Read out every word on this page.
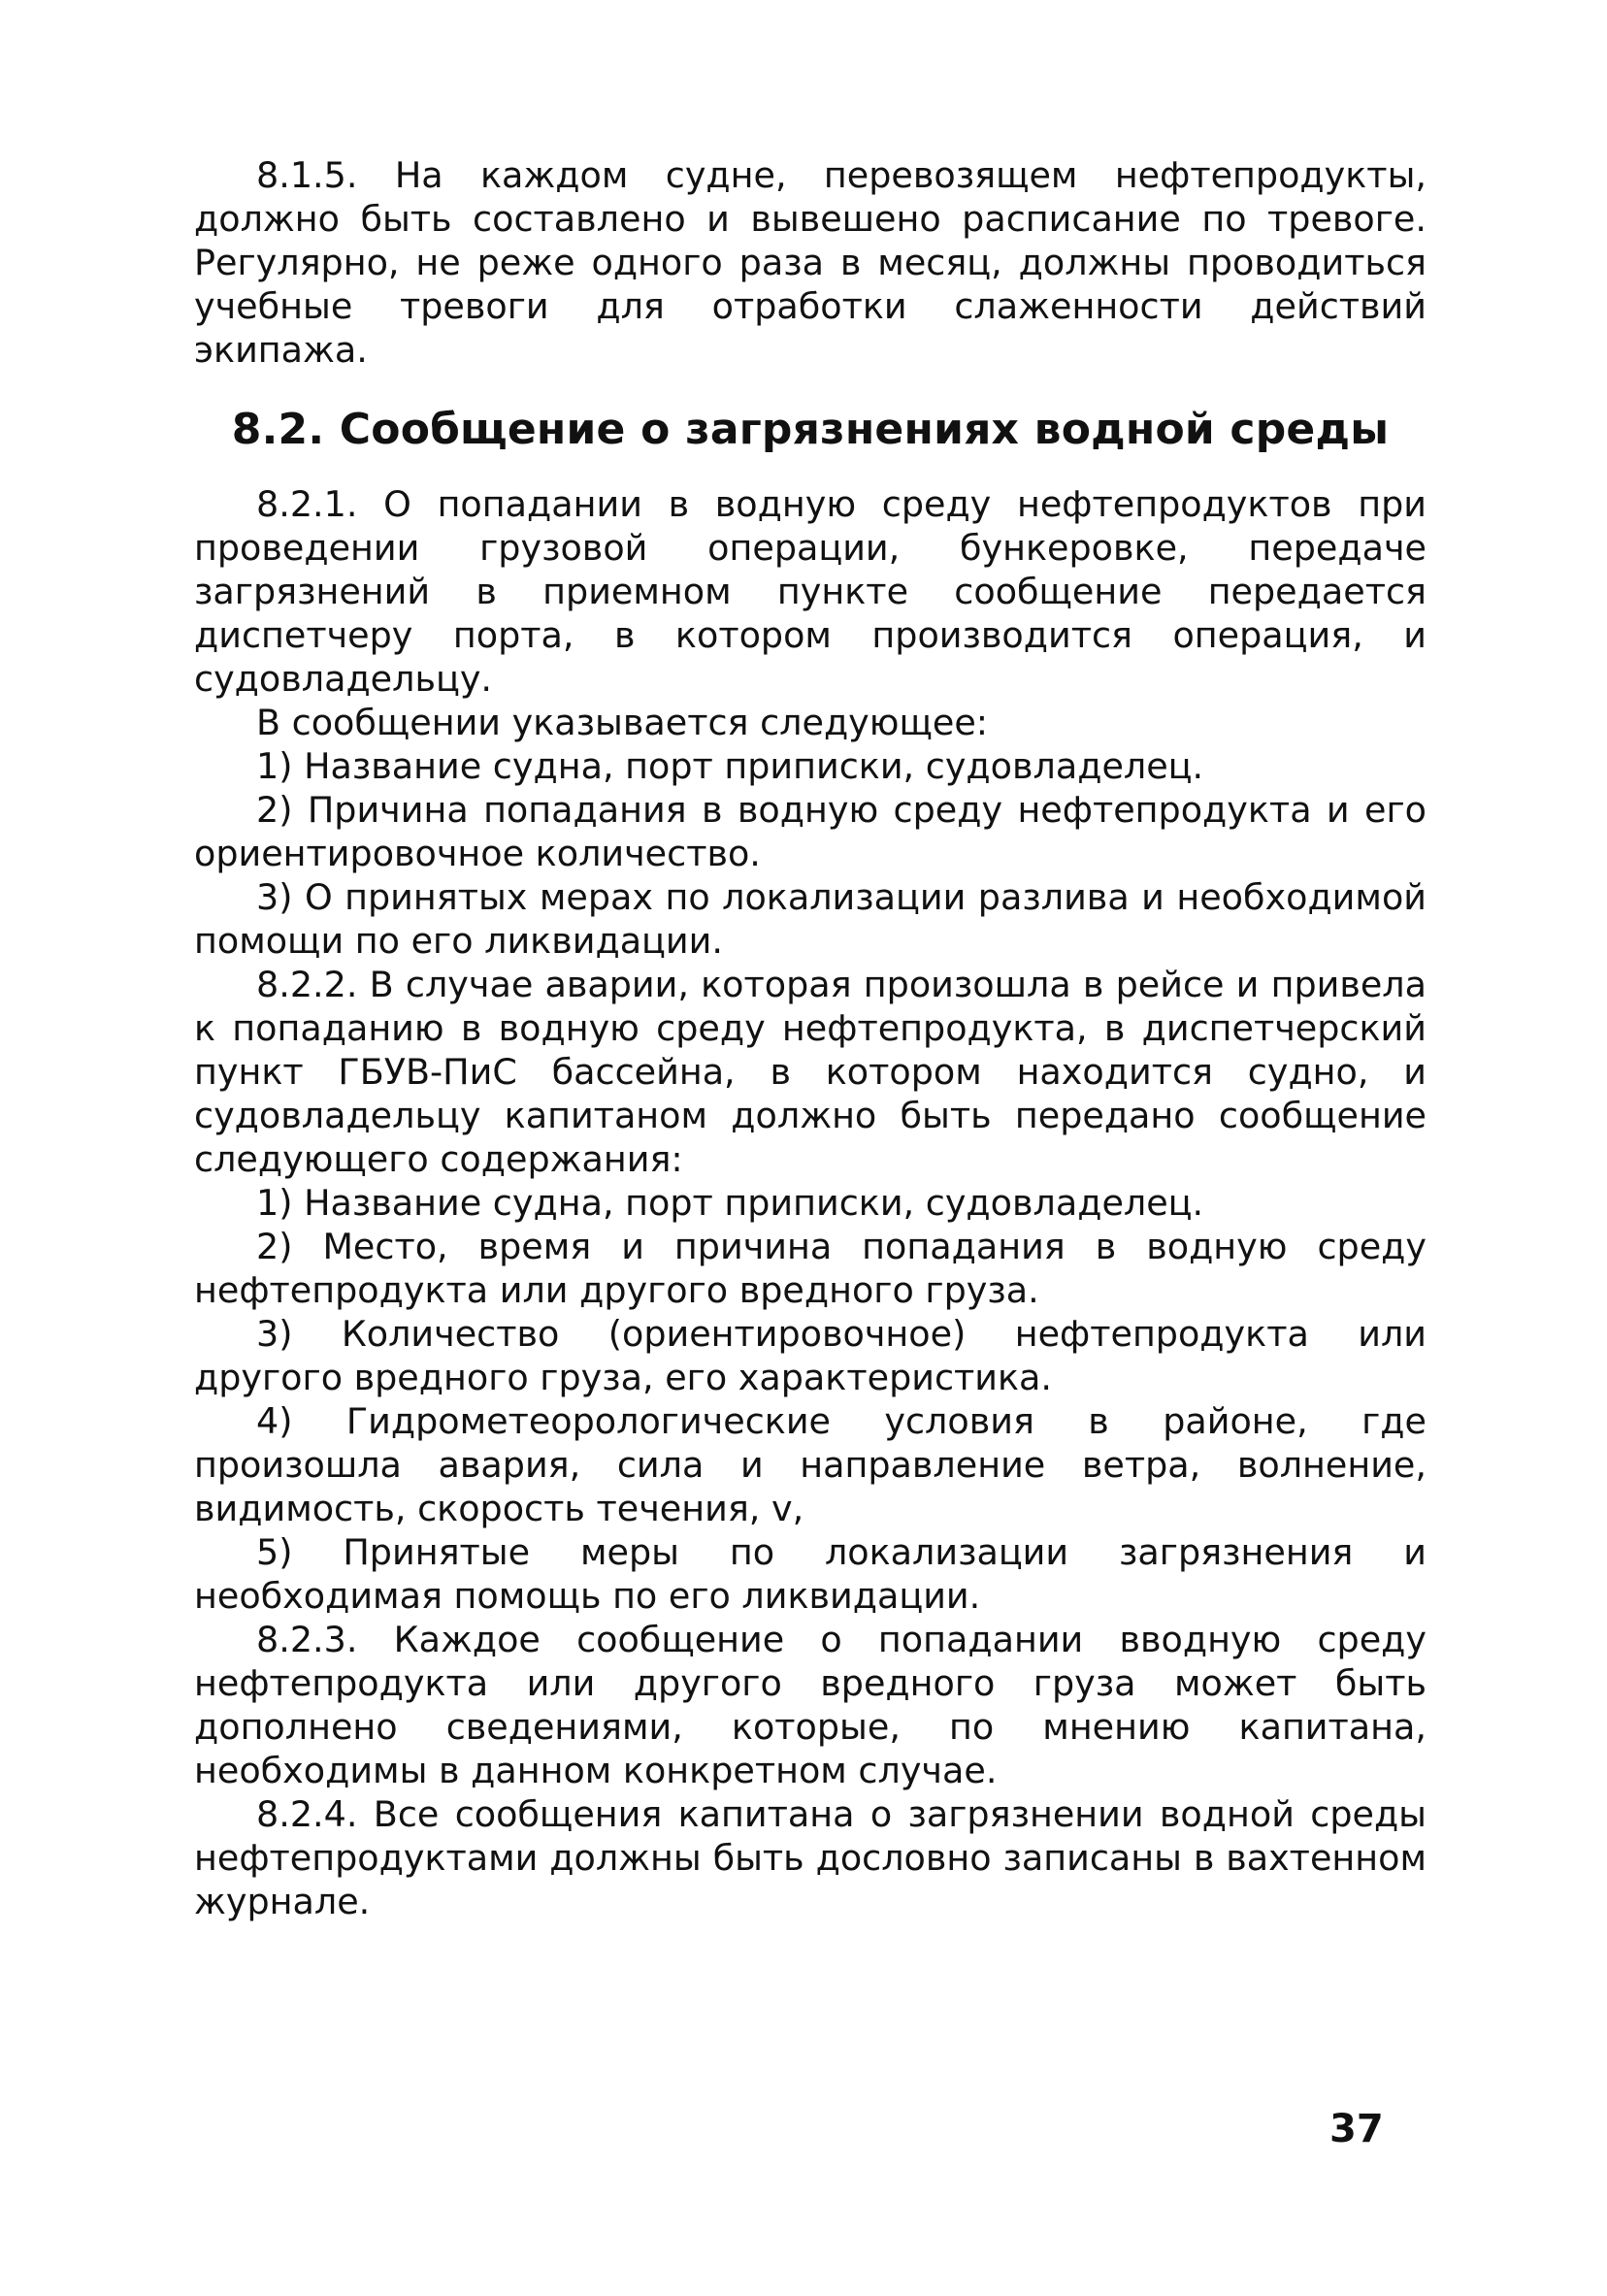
8.1.5. На каждом судне, перевозящем нефтепродукты, должно быть составлено и вывешено расписание по тревоге. Регулярно, не реже одного раза в месяц, должны проводиться учебные тревоги для отработки слаженности действий экипажа.

8.2. Сообщение о загрязнениях водной среды

8.2.1. О попадании в водную среду нефтепродуктов при проведении грузовой операции, бункеровке, передаче загрязнений в приемном пункте сообщение передается диспетчеру порта, в котором производится операция, и судовладельцу.

В сообщении указывается следующее:

1) Название судна, порт приписки, судовладелец.

2) Причина попадания в водную среду нефтепродукта и его ориентировочное количество.

3) О принятых мерах по локализации разлива и необходимой помощи по его ликвидации.

8.2.2. В случае аварии, которая произошла в рейсе и привела к попаданию в водную среду нефтепродукта, в диспетчерский пункт ГБУВ-ПиС бассейна, в котором находится судно, и судовладельцу капитаном должно быть передано сообщение следующего содержания:

1) Название судна, порт приписки, судовладелец.

2) Место, время и причина попадания в водную среду нефтепродукта или другого вредного груза.

3) Количество (ориентировочное) нефтепродукта или другого вредного груза, его характеристика.

4) Гидрометеорологические условия в районе, где произошла авария, сила и направление ветра, волнение, видимость, скорость течения, v,

5) Принятые меры по локализации загрязнения и необходимая помощь по его ликвидации.

8.2.3. Каждое сообщение о попадании вводную среду нефтепродукта или другого вредного груза может быть дополнено сведениями, которые, по мнению капитана, необходимы в данном конкретном случае.

8.2.4. Все сообщения капитана о загрязнении водной среды нефтепродуктами должны быть дословно записаны в вахтенном журнале.

37
